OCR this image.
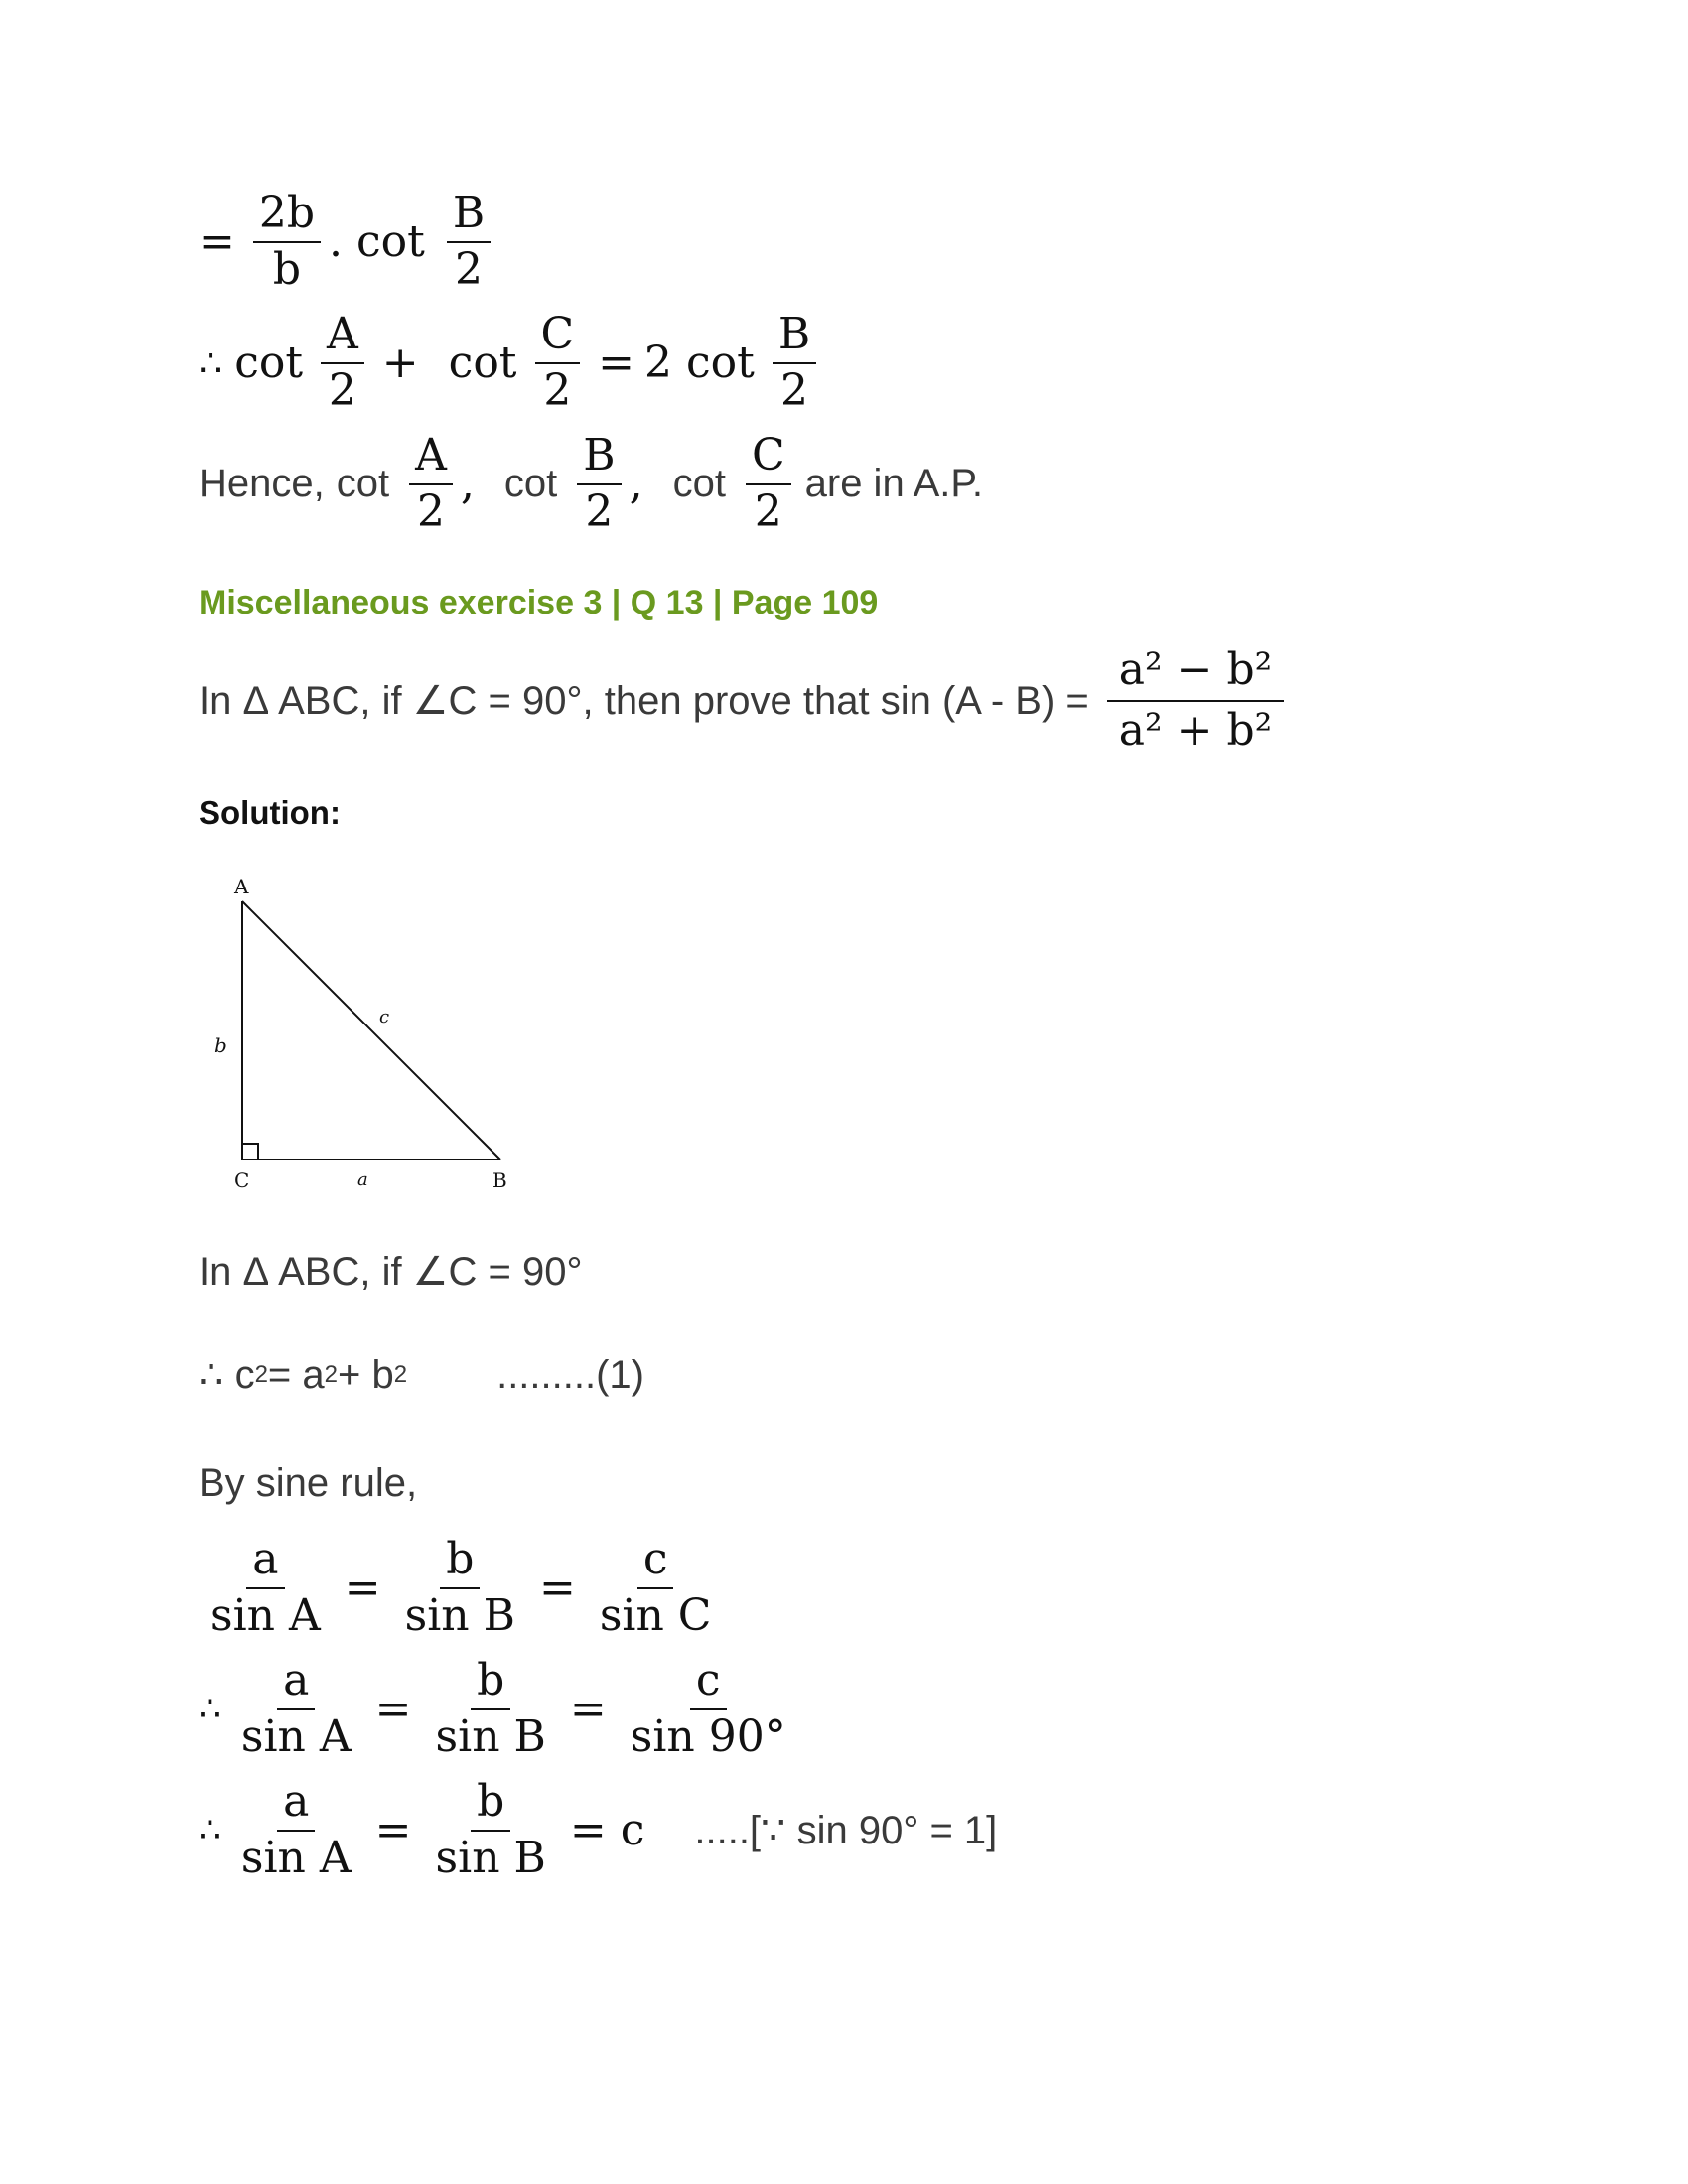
= $\frac{2b}{b}$ . $\cot \frac{B}{2}$
∴ $\cot \frac{A}{2} + \cot \frac{C}{2} = 2$ $\cot \frac{B}{2}$
Hence, $\cot \frac{A}{2}$ , $\cot \frac{B}{2}$ , $\cot \frac{C}{2}$ are in A.P.
Miscellaneous exercise 3 | Q 13 | Page 109
In Δ ABC, if ∠C = 90°, then prove that $\sin (A - B) = \frac{\text{a² − b²}}{\text{a² + b²}}$
Solution:
A
C	B
b
a
c
In Δ ABC, if ∠C = 90°
∴ c 2 = a 2 + b 2 .........(1)
By sine rule,
$\frac{a}{\text{sin A}} = \frac{b}{\text{sin B}} = \frac{c}{\text{sin C}}$
∴ $\frac{a}{\text{sin A}} = \frac{b}{\text{sin B}} = \frac{c}{\sin 90^\circ}$
∴ $\frac{a}{\text{sin A}} = \frac{b}{\text{sin B}} = c$ .....[∵ sin 90° = 1]
